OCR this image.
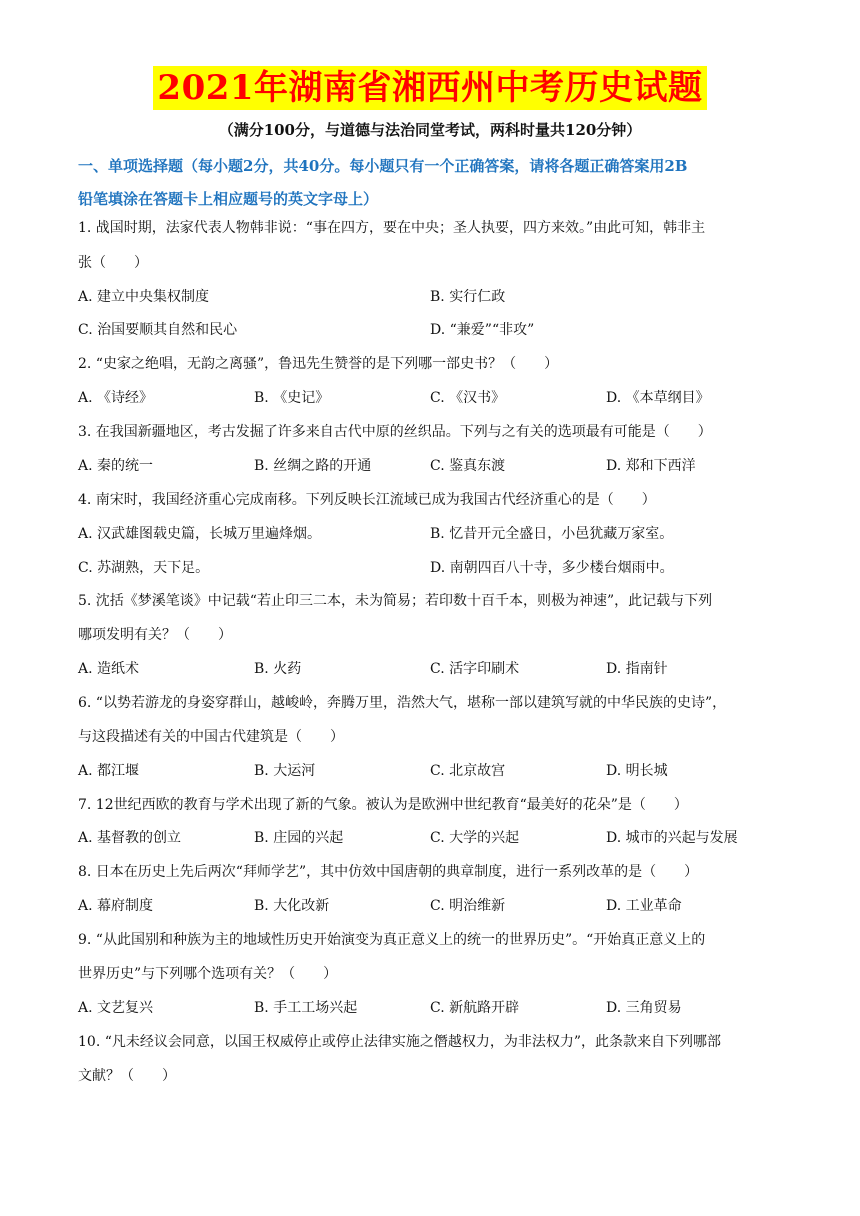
2021年湖南省湘西州中考历史试题
（满分100分，与道德与法治同堂考试，两科时量共120分钟）
一、单项选择题（每小题2分，共40分。每小题只有一个正确答案，请将各题正确答案用2B
铅笔填涂在答题卡上相应题号的英文字母上）
1. 战国时期，法家代表人物韩非说：“事在四方，要在中央；圣人执要，四方来效。”由此可知，韩非主
张（　　）
A. 建立中央集权制度	B. 实行仁政
C. 治国要顺其自然和民心	D. “兼爱”“非攻”
2. “史家之绝唱，无韵之离骚”，鲁迅先生赞誉的是下列哪一部史书？（　　）
A. 《诗经》	B. 《史记》	C. 《汉书》	D. 《本草纲目》
3. 在我国新疆地区，考古发掘了许多来自古代中原的丝织品。下列与之有关的选项最有可能是（　　）
A. 秦的统一	B. 丝绸之路的开通	C. 鉴真东渡	D. 郑和下西洋
4. 南宋时，我国经济重心完成南移。下列反映长江流域已成为我国古代经济重心的是（　　）
A. 汉武雄图载史篇，长城万里遍烽烟。	B. 忆昔开元全盛日，小邑犹藏万家室。
C. 苏湖熟，天下足。	D. 南朝四百八十寺，多少楼台烟雨中。
5. 沈括《梦溪笔谈》中记载“若止印三二本，未为简易；若印数十百千本，则极为神速”，此记载与下列
哪项发明有关？（　　）
A. 造纸术	B. 火药	C. 活字印刷术	D. 指南针
6. “以势若游龙的身姿穿群山，越峻岭，奔腾万里，浩然大气，堪称一部以建筑写就的中华民族的史诗”，
与这段描述有关的中国古代建筑是（　　）
A. 都江堰	B. 大运河	C. 北京故宫	D. 明长城
7. 12世纪西欧的教育与学术出现了新的气象。被认为是欧洲中世纪教育“最美好的花朵”是（　　）
A. 基督教的创立	B. 庄园的兴起	C. 大学的兴起	D. 城市的兴起与发展
8. 日本在历史上先后两次“拜师学艺”，其中仿效中国唐朝的典章制度，进行一系列改革的是（　　）
A. 幕府制度	B. 大化改新	C. 明治维新	D. 工业革命
9. “从此国别和种族为主的地域性历史开始演变为真正意义上的统一的世界历史”。“开始真正意义上的
世界历史”与下列哪个选项有关？（　　）
A. 文艺复兴	B. 手工工场兴起	C. 新航路开辟	D. 三角贸易
10. “凡未经议会同意，以国王权威停止或停止法律实施之僭越权力，为非法权力”，此条款来自下列哪部
文献？（　　）
